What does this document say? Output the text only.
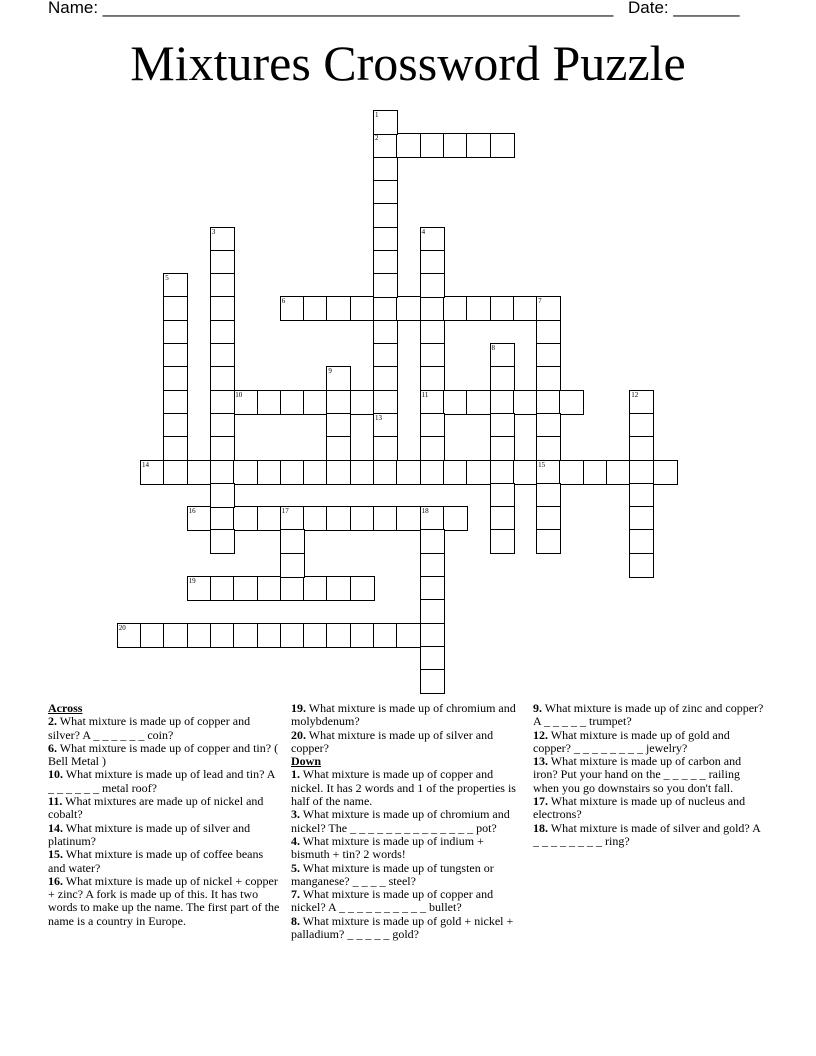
Name: ______________________________________________________ Date: _______
Mixtures Crossword Puzzle
2
6
10	11
14	15
16
19
20
1
3	4
5
7
8
9
12
13
17	18

Across

2. What mixture is made up of copper and silver? A _ _ _ _ _ _ coin?

6. What mixture is made up of copper and tin? ( Bell Metal )

10. What mixture is made up of lead and tin? A _ _ _ _ _ _ metal roof?

11. What mixtures are made up of nickel and cobalt?

14. What mixture is made up of silver and platinum?

15. What mixture is made up of coffee beans and water?

16. What mixture is made up of nickel + copper + zinc? A fork is made up of this. It has two words to make up the name. The first part of the name is a country in Europe.

19. What mixture is made up of chromium and molybdenum?

20. What mixture is made up of silver and copper?

Down

1. What mixture is made up of copper and nickel. It has 2 words and 1 of the properties is half of the name.

3. What mixture is made up of chromium and nickel? The _ _ _ _ _ _ _ _ _ _ _ _ _ _ pot?

4. What mixture is made up of indium + bismuth + tin? 2 words!

5. What mixture is made up of tungsten or manganese? _ _ _ _ steel?

7. What mixture is made up of copper and nickel? A _ _ _ _ _ _ _ _ _ _ bullet?

8. What mixture is made up of gold + nickel + palladium? _ _ _ _ _ gold?

9. What mixture is made up of zinc and copper? A _ _ _ _ _ trumpet?

12. What mixture is made up of gold and copper? _ _ _ _ _ _ _ _ jewelry?

13. What mixture is made up of carbon and iron? Put your hand on the _ _ _ _ _ railing when you go downstairs so you don't fall.

17. What mixture is made up of nucleus and electrons?

18. What mixture is made of silver and gold? A _ _ _ _ _ _ _ _ ring?
